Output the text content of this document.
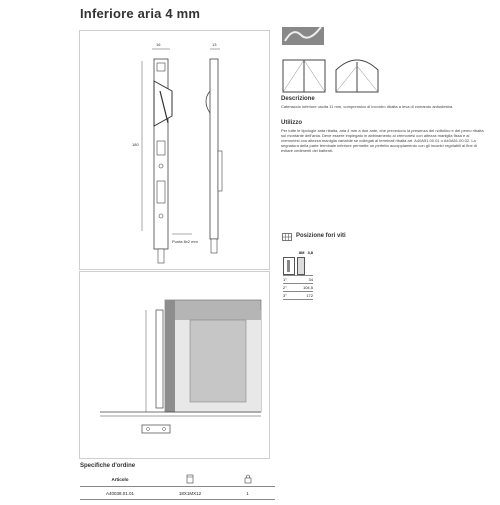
Inferiore aria 4 mm
16
180
13
Punta 8x2 mm
Descrizione
Catenaccio inferiore uscita 11 mm, comprensivo di incontro ribalta a leva di comando antiodestra.
Utilizzo
Per tutte le tipologie anta ribalta, aria 4 mm a due ante, che prevedono la presenza del nottolino e del perno ribalta sul montante dell'anta. Deve essere impiegato in abbinamento ai cremonesi con altezza maniglia fissa e ai cremonesi con altezza maniglia variabile se collegati ai terminali ribalta art. A40A51.00.01 o A40A51.00.02. La segnatura della parte terminale inferiore permette un perfetto accoppiamento con gli incontri regolabili al fine di evitare cedimenti dei battenti.
Posizione fori viti
8M 3,8
1°	34
2°	104,5
3°	172
Specifiche d'ordine
Articolo
A40038.01.01	18X1MX12	1
